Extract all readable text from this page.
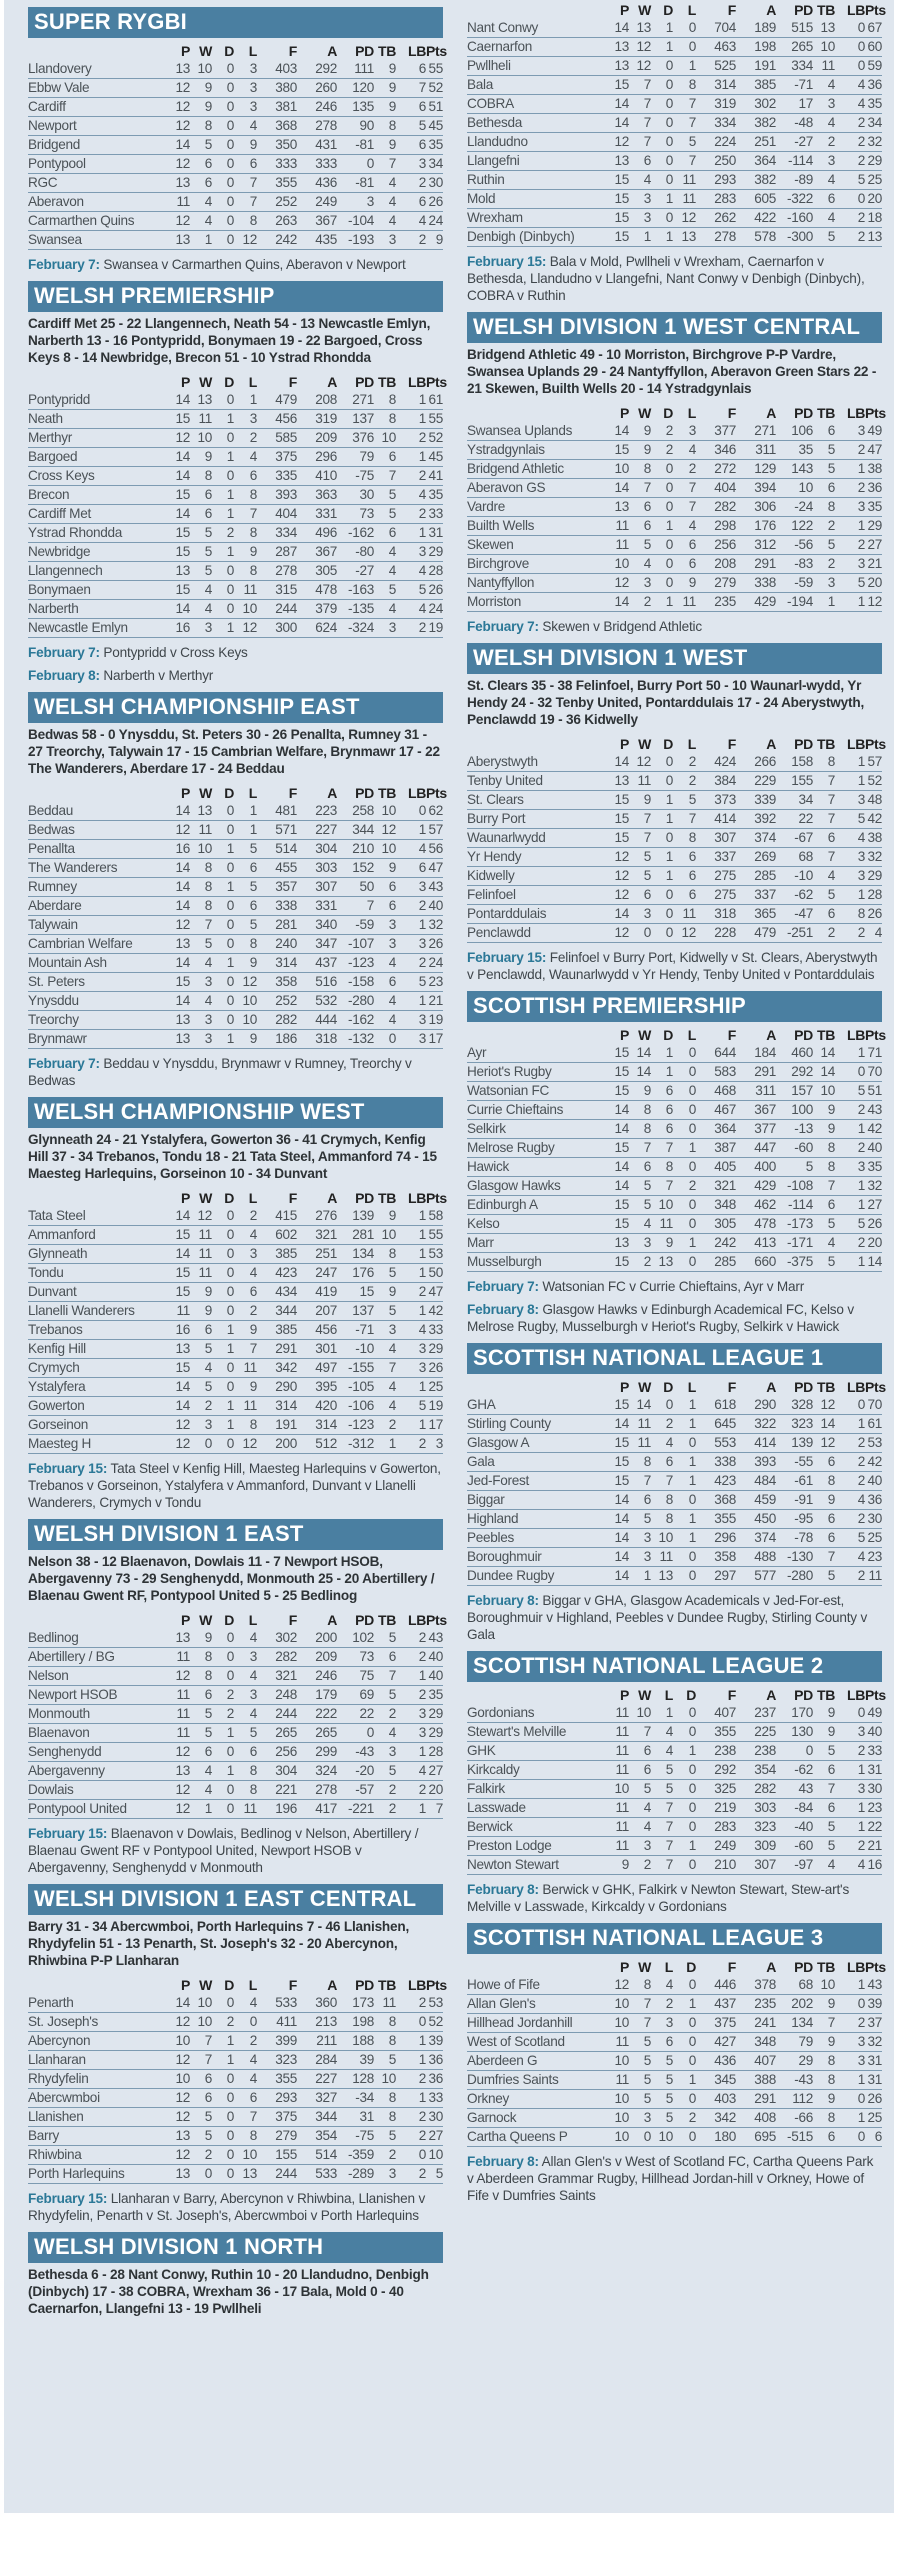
SUPER RYGBI
	P	W	D	L	F	A	PD	TB	LB	Pts
Llandovery	13	10	0	3	403	292	111	9	6	55
Ebbw Vale	12	9	0	3	380	260	120	9	7	52
Cardiff	12	9	0	3	381	246	135	9	6	51
Newport	12	8	0	4	368	278	90	8	5	45
Bridgend	14	5	0	9	350	431	-81	9	6	35
Pontypool	12	6	0	6	333	333	0	7	3	34
RGC	13	6	0	7	355	436	-81	4	2	30
Aberavon	11	4	0	7	252	249	3	4	6	26
Carmarthen Quins	12	4	0	8	263	367	-104	4	4	24
Swansea	13	1	0	12	242	435	-193	3	2	9
February 7: Swansea v Carmarthen Quins, Aberavon v Newport
WELSH PREMIERSHIP
Cardiff Met 25 - 22 Llangennech, Neath 54 - 13 Newcastle Emlyn, Narberth 13 - 16 Pontypridd, Bonymaen 19 - 22 Bargoed, Cross Keys 8 - 14 Newbridge, Brecon 51 - 10 Ystrad Rhondda
	P	W	D	L	F	A	PD	TB	LB	Pts
Pontypridd	14	13	0	1	479	208	271	8	1	61
Neath	15	11	1	3	456	319	137	8	1	55
Merthyr	12	10	0	2	585	209	376	10	2	52
Bargoed	14	9	1	4	375	296	79	6	1	45
Cross Keys	14	8	0	6	335	410	-75	7	2	41
Brecon	15	6	1	8	393	363	30	5	4	35
Cardiff Met	14	6	1	7	404	331	73	5	2	33
Ystrad Rhondda	15	5	2	8	334	496	-162	6	1	31
Newbridge	15	5	1	9	287	367	-80	4	3	29
Llangennech	13	5	0	8	278	305	-27	4	4	28
Bonymaen	15	4	0	11	315	478	-163	5	5	26
Narberth	14	4	0	10	244	379	-135	4	4	24
Newcastle Emlyn	16	3	1	12	300	624	-324	3	2	19
February 7: Pontypridd v Cross Keys
February 8: Narberth v Merthyr
WELSH CHAMPIONSHIP EAST
Bedwas 58 - 0 Ynysddu, St. Peters 30 - 26 Penallta, Rumney 31 - 27 Treorchy, Talywain 17 - 15 Cambrian Welfare, Brynmawr 17 - 22 The Wanderers, Aberdare 17 - 24 Beddau
	P	W	D	L	F	A	PD	TB	LB	Pts
Beddau	14	13	0	1	481	223	258	10	0	62
Bedwas	12	11	0	1	571	227	344	12	1	57
Penallta	16	10	1	5	514	304	210	10	4	56
The Wanderers	14	8	0	6	455	303	152	9	6	47
Rumney	14	8	1	5	357	307	50	6	3	43
Aberdare	14	8	0	6	338	331	7	6	2	40
Talywain	12	7	0	5	281	340	-59	3	1	32
Cambrian Welfare	13	5	0	8	240	347	-107	3	3	26
Mountain Ash	14	4	1	9	314	437	-123	4	2	24
St. Peters	15	3	0	12	358	516	-158	6	5	23
Ynysddu	14	4	0	10	252	532	-280	4	1	21
Treorchy	13	3	0	10	282	444	-162	4	3	19
Brynmawr	13	3	1	9	186	318	-132	0	3	17
February 7: Beddau v Ynysddu, Brynmawr v Rumney, Treorchy v Bedwas
WELSH CHAMPIONSHIP WEST
Glynneath 24 - 21 Ystalyfera, Gowerton 36 - 41 Crymych, Kenfig Hill 37 - 34 Trebanos, Tondu 18 - 21 Tata Steel, Ammanford 74 - 15 Maesteg Harlequins, Gorseinon 10 - 34 Dunvant
	P	W	D	L	F	A	PD	TB	LB	Pts
Tata Steel	14	12	0	2	415	276	139	9	1	58
Ammanford	15	11	0	4	602	321	281	10	1	55
Glynneath	14	11	0	3	385	251	134	8	1	53
Tondu	15	11	0	4	423	247	176	5	1	50
Dunvant	15	9	0	6	434	419	15	9	2	47
Llanelli Wanderers	11	9	0	2	344	207	137	5	1	42
Trebanos	16	6	1	9	385	456	-71	3	4	33
Kenfig Hill	13	5	1	7	291	301	-10	4	3	29
Crymych	15	4	0	11	342	497	-155	7	3	26
Ystalyfera	14	5	0	9	290	395	-105	4	1	25
Gowerton	14	2	1	11	314	420	-106	4	5	19
Gorseinon	12	3	1	8	191	314	-123	2	1	17
Maesteg H	12	0	0	12	200	512	-312	1	2	3
February 15: Tata Steel v Kenfig Hill, Maesteg Harlequins v Gowerton, Trebanos v Gorseinon, Ystalyfera v Ammanford, Dunvant v Llanelli Wanderers, Crymych v Tondu
WELSH DIVISION 1 EAST
Nelson 38 - 12 Blaenavon, Dowlais 11 - 7 Newport HSOB, Abergavenny 73 - 29 Senghenydd, Monmouth 25 - 20 Abertillery / Blaenau Gwent RF, Pontypool United 5 - 25 Bedlinog
	P	W	D	L	F	A	PD	TB	LB	Pts
Bedlinog	13	9	0	4	302	200	102	5	2	43
Abertillery / BG	11	8	0	3	282	209	73	6	2	40
Nelson	12	8	0	4	321	246	75	7	1	40
Newport HSOB	11	6	2	3	248	179	69	5	2	35
Monmouth	11	5	2	4	244	222	22	2	3	29
Blaenavon	11	5	1	5	265	265	0	4	3	29
Senghenydd	12	6	0	6	256	299	-43	3	1	28
Abergavenny	13	4	1	8	304	324	-20	5	4	27
Dowlais	12	4	0	8	221	278	-57	2	2	20
Pontypool United	12	1	0	11	196	417	-221	2	1	7
February 15: Blaenavon v Dowlais, Bedlinog v Nelson, Abertillery / Blaenau Gwent RF v Pontypool United, Newport HSOB v Abergavenny, Senghenydd v Monmouth
WELSH DIVISION 1 EAST CENTRAL
Barry 31 - 34 Abercwmboi, Porth Harlequins 7 - 46 Llanishen, Rhydyfelin 51 - 13 Penarth, St. Joseph's 32 - 20 Abercynon, Rhiwbina P-P Llanharan
	P	W	D	L	F	A	PD	TB	LB	Pts
Penarth	14	10	0	4	533	360	173	11	2	53
St. Joseph's	12	10	2	0	411	213	198	8	0	52
Abercynon	10	7	1	2	399	211	188	8	1	39
Llanharan	12	7	1	4	323	284	39	5	1	36
Rhydyfelin	10	6	0	4	355	227	128	10	2	36
Abercwmboi	12	6	0	6	293	327	-34	8	1	33
Llanishen	12	5	0	7	375	344	31	8	2	30
Barry	13	5	0	8	279	354	-75	5	2	27
Rhiwbina	12	2	0	10	155	514	-359	2	0	10
Porth Harlequins	13	0	0	13	244	533	-289	3	2	5
February 15: Llanharan v Barry, Abercynon v Rhiwbina, Llanishen v Rhydyfelin, Penarth v St. Joseph's, Abercwmboi v Porth Harlequins
WELSH DIVISION 1 NORTH
Bethesda 6 - 28 Nant Conwy, Ruthin 10 - 20 Llandudno, Denbigh (Dinbych) 17 - 38 COBRA, Wrexham 36 - 17 Bala, Mold 0 - 40 Caernarfon, Llangefni 13 - 19 Pwllheli
	P	W	D	L	F	A	PD	TB	LB	Pts
Nant Conwy	14	13	1	0	704	189	515	13	0	67
Caernarfon	13	12	1	0	463	198	265	10	0	60
Pwllheli	13	12	0	1	525	191	334	11	0	59
Bala	15	7	0	8	314	385	-71	4	4	36
COBRA	14	7	0	7	319	302	17	3	4	35
Bethesda	14	7	0	7	334	382	-48	4	2	34
Llandudno	12	7	0	5	224	251	-27	2	2	32
Llangefni	13	6	0	7	250	364	-114	3	2	29
Ruthin	15	4	0	11	293	382	-89	4	5	25
Mold	15	3	1	11	283	605	-322	6	0	20
Wrexham	15	3	0	12	262	422	-160	4	2	18
Denbigh (Dinbych)	15	1	1	13	278	578	-300	5	2	13
February 15: Bala v Mold, Pwllheli v Wrexham, Caernarfon v Bethesda, Llandudno v Llangefni, Nant Conwy v Denbigh (Dinbych), COBRA v Ruthin
WELSH DIVISION 1 WEST CENTRAL
Bridgend Athletic 49 - 10 Morriston, Birchgrove P-P Vardre, Swansea Uplands 29 - 24 Nantyffyllon, Aberavon Green Stars 22 - 21 Skewen, Builth Wells 20 - 14 Ystradgynlais
	P	W	D	L	F	A	PD	TB	LB	Pts
Swansea Uplands	14	9	2	3	377	271	106	6	3	49
Ystradgynlais	15	9	2	4	346	311	35	5	2	47
Bridgend Athletic	10	8	0	2	272	129	143	5	1	38
Aberavon GS	14	7	0	7	404	394	10	6	2	36
Vardre	13	6	0	7	282	306	-24	8	3	35
Builth Wells	11	6	1	4	298	176	122	2	1	29
Skewen	11	5	0	6	256	312	-56	5	2	27
Birchgrove	10	4	0	6	208	291	-83	2	3	21
Nantyffyllon	12	3	0	9	279	338	-59	3	5	20
Morriston	14	2	1	11	235	429	-194	1	1	12
February 7: Skewen v Bridgend Athletic
WELSH DIVISION 1 WEST
St. Clears 35 - 38 Felinfoel, Burry Port 50 - 10 Waunarl-wydd, Yr Hendy 24 - 32 Tenby United, Pontarddulais 17 - 24 Aberystwyth, Penclawdd 19 - 36 Kidwelly
	P	W	D	L	F	A	PD	TB	LB	Pts
Aberystwyth	14	12	0	2	424	266	158	8	1	57
Tenby United	13	11	0	2	384	229	155	7	1	52
St. Clears	15	9	1	5	373	339	34	7	3	48
Burry Port	15	7	1	7	414	392	22	7	5	42
Waunarlwydd	15	7	0	8	307	374	-67	6	4	38
Yr Hendy	12	5	1	6	337	269	68	7	3	32
Kidwelly	12	5	1	6	275	285	-10	4	3	29
Felinfoel	12	6	0	6	275	337	-62	5	1	28
Pontarddulais	14	3	0	11	318	365	-47	6	8	26
Penclawdd	12	0	0	12	228	479	-251	2	2	4
February 15: Felinfoel v Burry Port, Kidwelly v St. Clears, Aberystwyth v Penclawdd, Waunarlwydd v Yr Hendy, Tenby United v Pontarddulais
SCOTTISH PREMIERSHIP
	P	W	D	L	F	A	PD	TB	LB	Pts
Ayr	15	14	1	0	644	184	460	14	1	71
Heriot's Rugby	15	14	1	0	583	291	292	14	0	70
Watsonian FC	15	9	6	0	468	311	157	10	5	51
Currie Chieftains	14	8	6	0	467	367	100	9	2	43
Selkirk	14	8	6	0	364	377	-13	9	1	42
Melrose Rugby	15	7	7	1	387	447	-60	8	2	40
Hawick	14	6	8	0	405	400	5	8	3	35
Glasgow Hawks	14	5	7	2	321	429	-108	7	1	32
Edinburgh A	15	5	10	0	348	462	-114	6	1	27
Kelso	15	4	11	0	305	478	-173	5	5	26
Marr	13	3	9	1	242	413	-171	4	2	20
Musselburgh	15	2	13	0	285	660	-375	5	1	14
February 7: Watsonian FC v Currie Chieftains, Ayr v Marr
February 8: Glasgow Hawks v Edinburgh Academical FC, Kelso v Melrose Rugby, Musselburgh v Heriot's Rugby, Selkirk v Hawick
SCOTTISH NATIONAL LEAGUE 1
	P	W	D	L	F	A	PD	TB	LB	Pts
GHA	15	14	0	1	618	290	328	12	0	70
Stirling County	14	11	2	1	645	322	323	14	1	61
Glasgow A	15	11	4	0	553	414	139	12	2	53
Gala	15	8	6	1	338	393	-55	6	2	42
Jed-Forest	15	7	7	1	423	484	-61	8	2	40
Biggar	14	6	8	0	368	459	-91	9	4	36
Highland	14	5	8	1	355	450	-95	6	2	30
Peebles	14	3	10	1	296	374	-78	6	5	25
Boroughmuir	14	3	11	0	358	488	-130	7	4	23
Dundee Rugby	14	1	13	0	297	577	-280	5	2	11
February 8: Biggar v GHA, Glasgow Academicals v Jed-For-est, Boroughmuir v Highland, Peebles v Dundee Rugby, Stirling County v Gala
SCOTTISH NATIONAL LEAGUE 2
	P	W	L	D	F	A	PD	TB	LB	Pts
Gordonians	11	10	1	0	407	237	170	9	0	49
Stewart's Melville	11	7	4	0	355	225	130	9	3	40
GHK	11	6	4	1	238	238	0	5	2	33
Kirkcaldy	11	6	5	0	292	354	-62	6	1	31
Falkirk	10	5	5	0	325	282	43	7	3	30
Lasswade	11	4	7	0	219	303	-84	6	1	23
Berwick	11	4	7	0	283	323	-40	5	1	22
Preston Lodge	11	3	7	1	249	309	-60	5	2	21
Newton Stewart	9	2	7	0	210	307	-97	4	4	16
February 8: Berwick v GHK, Falkirk v Newton Stewart, Stew-art's Melville v Lasswade, Kirkcaldy v Gordonians
SCOTTISH NATIONAL LEAGUE 3
	P	W	L	D	F	A	PD	TB	LB	Pts
Howe of Fife	12	8	4	0	446	378	68	10	1	43
Allan Glen's	10	7	2	1	437	235	202	9	0	39
Hillhead Jordanhill	10	7	3	0	375	241	134	7	2	37
West of Scotland	11	5	6	0	427	348	79	9	3	32
Aberdeen G	10	5	5	0	436	407	29	8	3	31
Dumfries Saints	11	5	5	1	345	388	-43	8	1	31
Orkney	10	5	5	0	403	291	112	9	0	26
Garnock	10	3	5	2	342	408	-66	8	1	25
Cartha Queens P	10	0	10	0	180	695	-515	6	0	6
February 8: Allan Glen's v West of Scotland FC, Cartha Queens Park v Aberdeen Grammar Rugby, Hillhead Jordan-hill v Orkney, Howe of Fife v Dumfries Saints
